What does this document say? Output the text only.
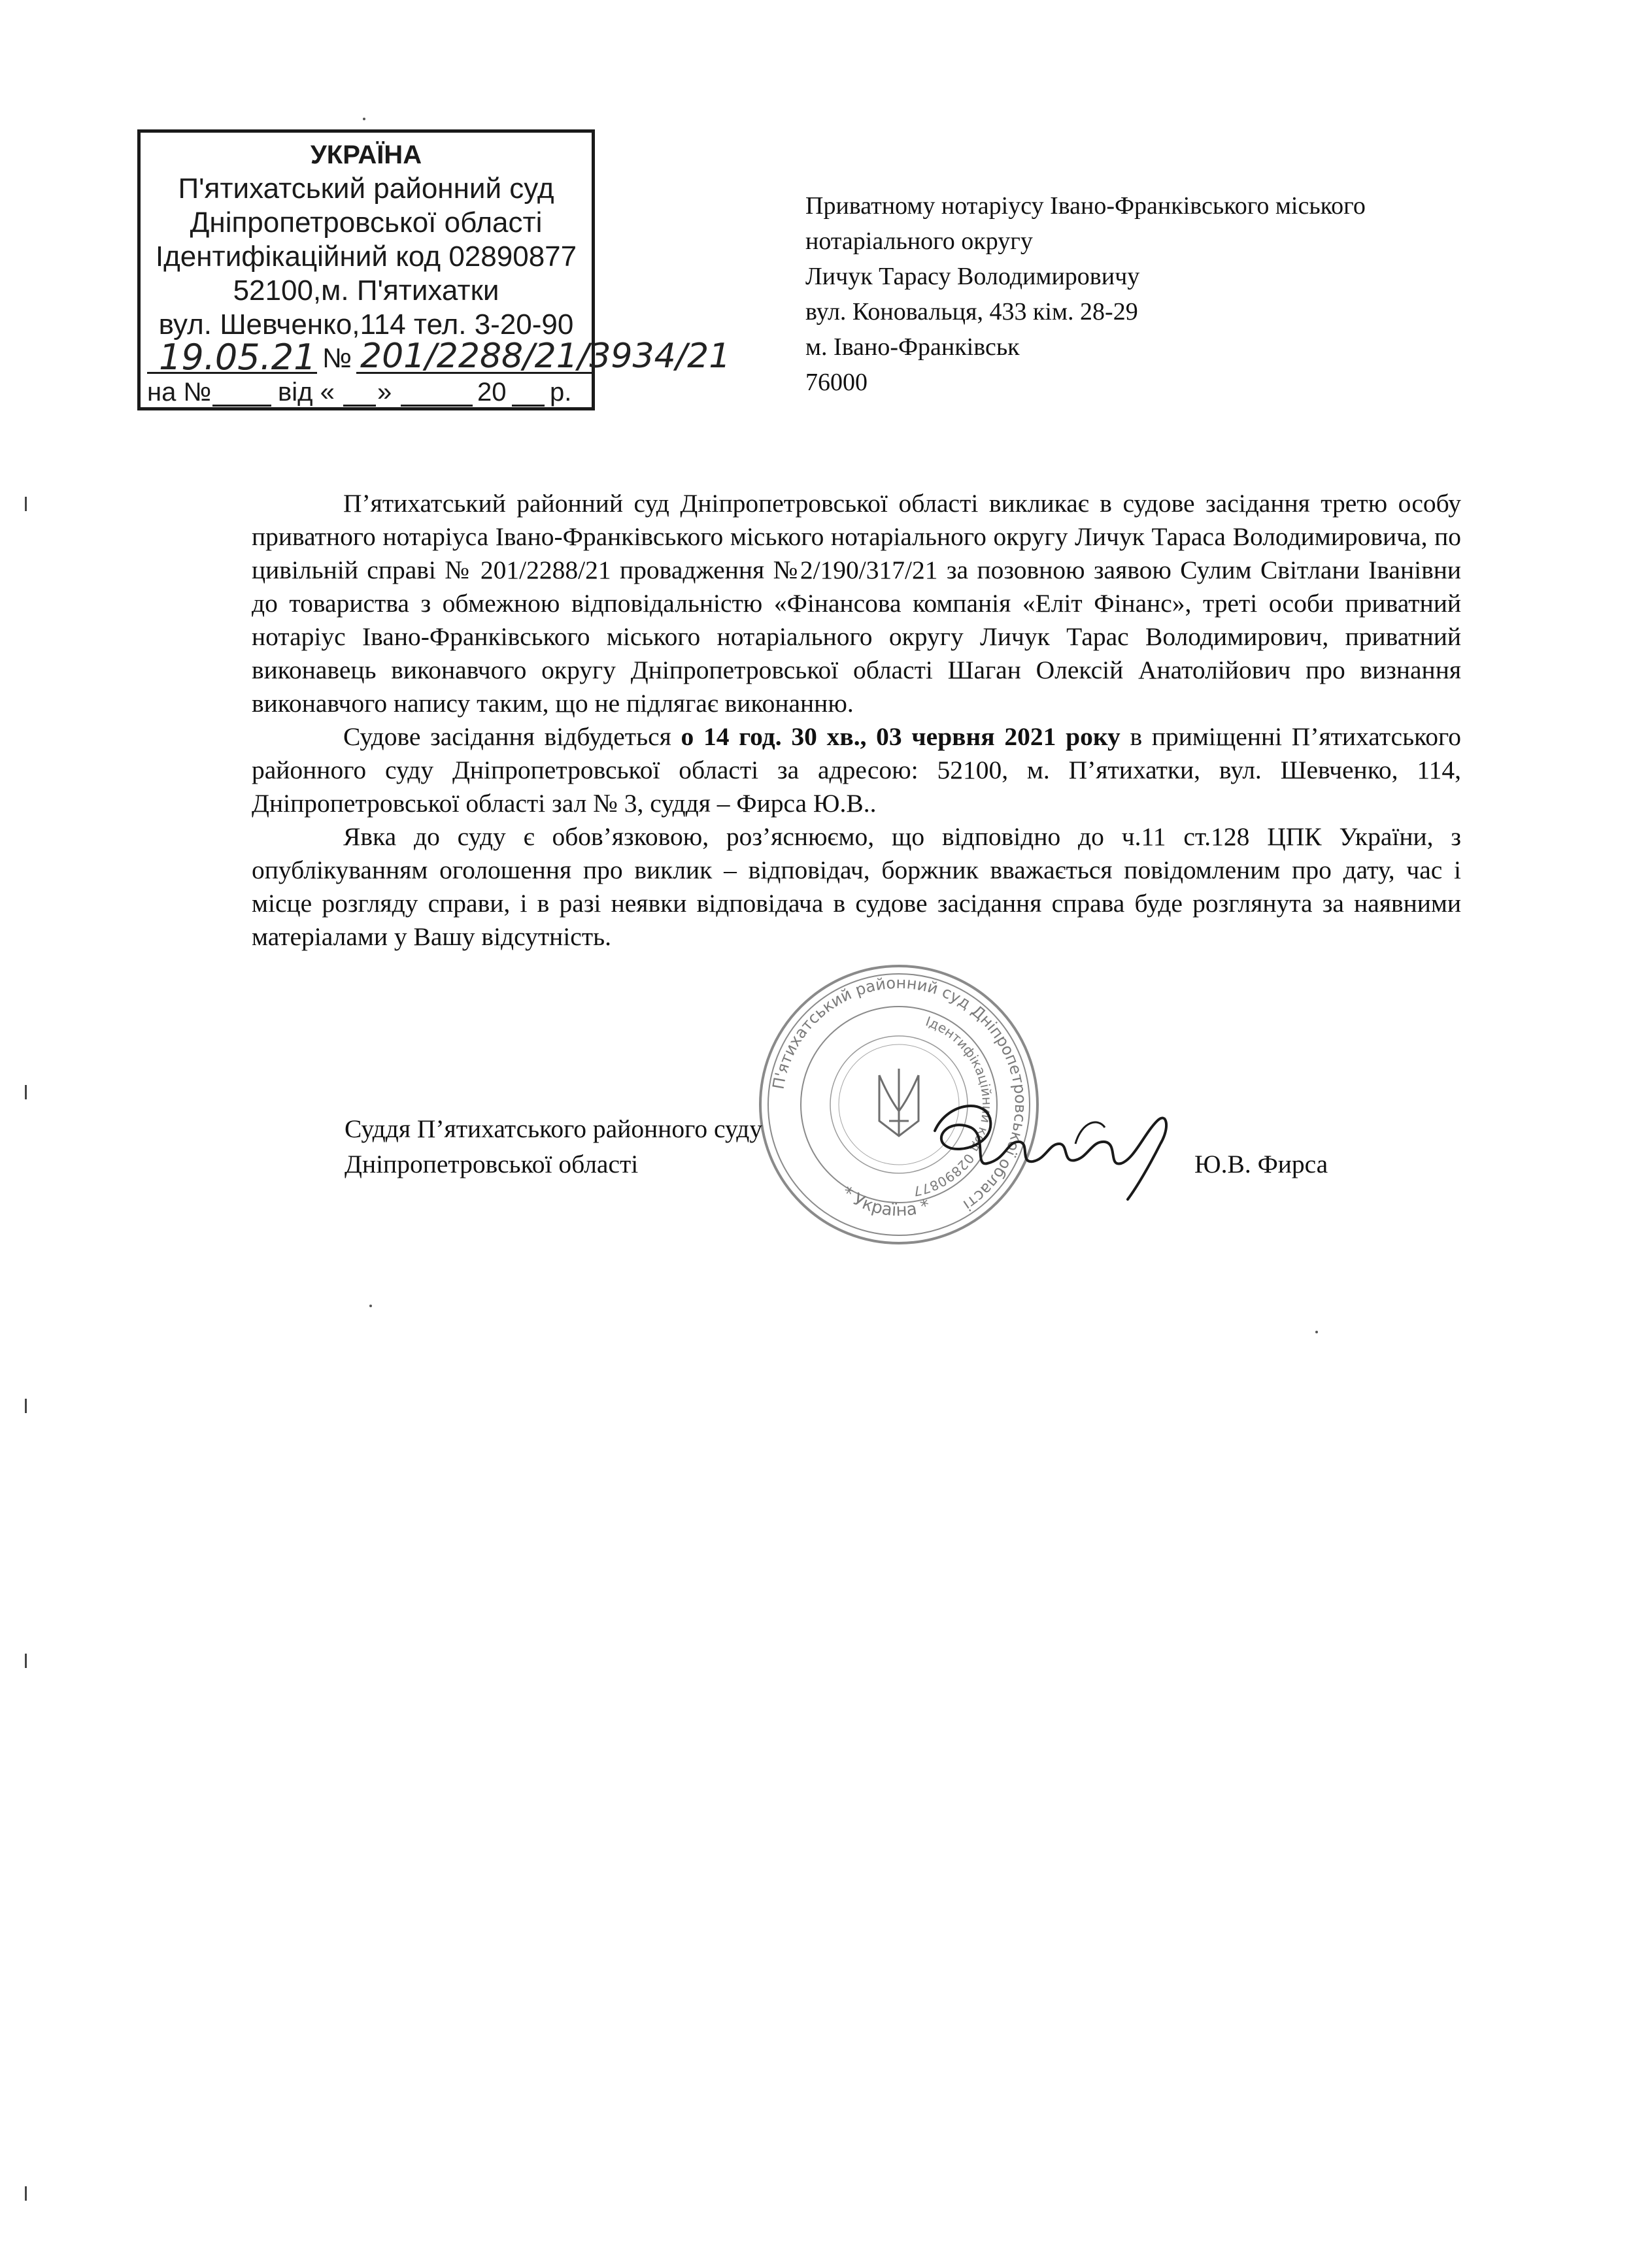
УКРАЇНА
П'ятихатський районний суд
Дніпропетровської області
Ідентифікаційний код 02890877
52100,м. П'ятихатки
вул. Шевченко,114 тел. 3-20-90
19.05.21 № 201/2288/21/3934/21
на №	від « »	20 р.
Приватному нотаріусу Івано-Франківського міського
нотаріального округу
Личук Тарасу Володимировичу
вул. Коновальця, 433 кім. 28-29
м. Івано-Франківськ
76000

П’ятихатський районний суд Дніпропетровської області викликає в судове засідання третю особу приватного нотаріуса Івано-Франківського міського нотаріального округу Личук Тараса Володимировича, по цивільній справі № 201/2288/21 провадження №2/190/317/21 за позовною заявою Сулим Світлани Іванівни до товариства з обмежною відповідальністю «Фінансова компанія «Еліт Фінанс», треті особи приватний нотаріус Івано-Франківського міського нотаріального округу Личук Тарас Володимирович, приватний виконавець виконавчого округу Дніпропетровської області Шаган Олексій Анатолійович про визнання виконавчого напису таким, що не підлягає виконанню.

Судове засідання відбудеться о 14 год. 30 хв., 03 червня 2021 року в приміщенні П’ятихатського районного суду Дніпропетровської області за адресою: 52100, м. П’ятихатки, вул. Шевченко, 114, Дніпропетровської області зал № 3, суддя – Фирса Ю.В..

Явка до суду є обов’язковою, роз’яснюємо, що відповідно до ч.11 ст.128 ЦПК України, з опублікуванням оголошення про виклик – відповідач, боржник вважається повідомленим про дату, час і місце розгляду справи, і в разі неявки відповідача в судове засідання справа буде розглянута за наявними матеріалами у Вашу відсутність.

П'ятихатський районний суд Дніпропетровської області
Ідентифікаційний код 02890877
* Україна *
Суддя П’ятихатського районного суду
Дніпропетровської області	Ю.В. Фирса
